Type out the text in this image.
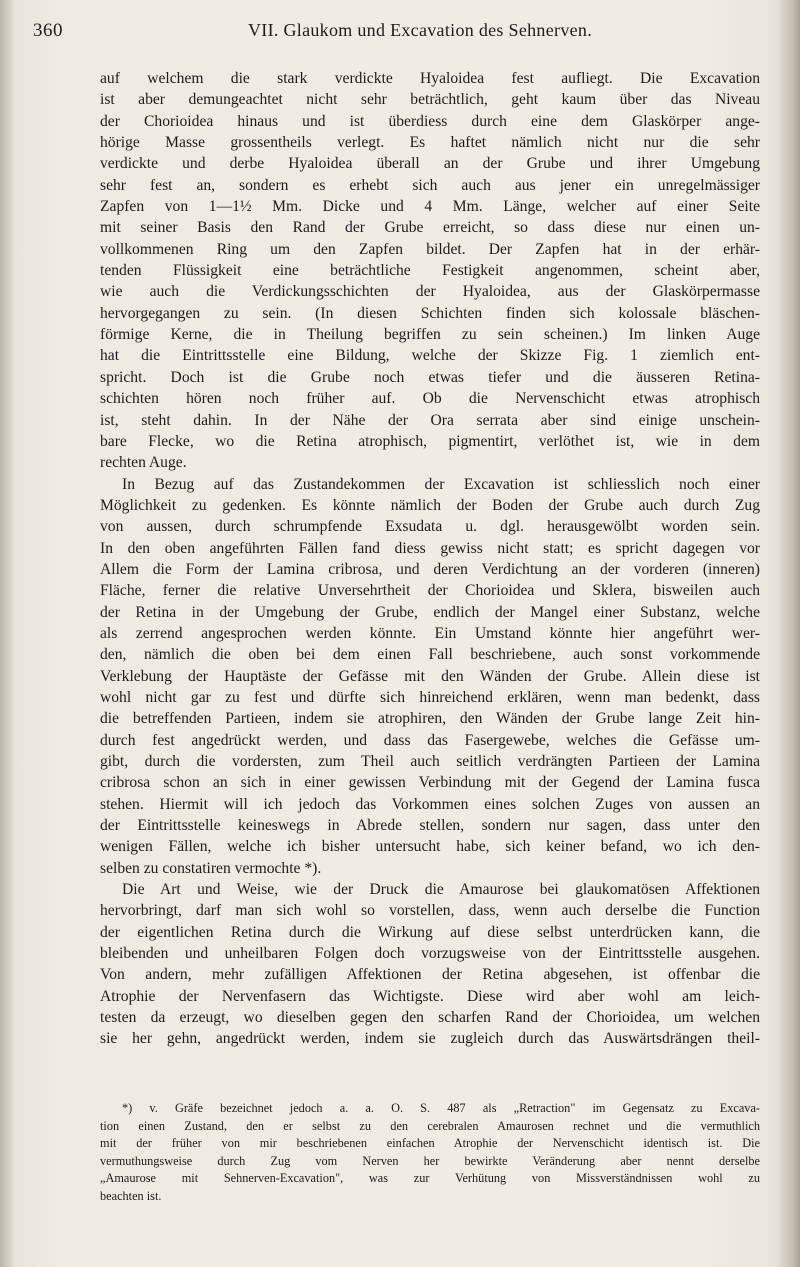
360	VII. Glaukom und Excavation des Sehnerven.
auf welchem die stark verdickte Hyaloidea fest aufliegt. Die Excavation
ist aber demungeachtet nicht sehr beträchtlich, geht kaum über das Niveau
der Chorioidea hinaus und ist überdiess durch eine dem Glaskörper ange-
hörige Masse grossentheils verlegt. Es haftet nämlich nicht nur die sehr
verdickte und derbe Hyaloidea überall an der Grube und ihrer Umgebung
sehr fest an, sondern es erhebt sich auch aus jener ein unregelmässiger
Zapfen von 1—1½ Mm. Dicke und 4 Mm. Länge, welcher auf einer Seite
mit seiner Basis den Rand der Grube erreicht, so dass diese nur einen un-
vollkommenen Ring um den Zapfen bildet. Der Zapfen hat in der erhär-
tenden Flüssigkeit eine beträchtliche Festigkeit angenommen, scheint aber,
wie auch die Verdickungsschichten der Hyaloidea, aus der Glaskörpermasse
hervorgegangen zu sein. (In diesen Schichten finden sich kolossale bläschen-
förmige Kerne, die in Theilung begriffen zu sein scheinen.) Im linken Auge
hat die Eintrittsstelle eine Bildung, welche der Skizze Fig. 1 ziemlich ent-
spricht. Doch ist die Grube noch etwas tiefer und die äusseren Retina-
schichten hören noch früher auf. Ob die Nervenschicht etwas atrophisch
ist, steht dahin. In der Nähe der Ora serrata aber sind einige unschein-
bare Flecke, wo die Retina atrophisch, pigmentirt, verlöthet ist, wie in dem
rechten Auge.
In Bezug auf das Zustandekommen der Excavation ist schliesslich noch einer
Möglichkeit zu gedenken. Es könnte nämlich der Boden der Grube auch durch Zug
von aussen, durch schrumpfende Exsudata u. dgl. herausgewölbt worden sein.
In den oben angeführten Fällen fand diess gewiss nicht statt; es spricht dagegen vor
Allem die Form der Lamina cribrosa, und deren Verdichtung an der vorderen (inneren)
Fläche, ferner die relative Unversehrtheit der Chorioidea und Sklera, bisweilen auch
der Retina in der Umgebung der Grube, endlich der Mangel einer Substanz, welche
als zerrend angesprochen werden könnte. Ein Umstand könnte hier angeführt wer-
den, nämlich die oben bei dem einen Fall beschriebene, auch sonst vorkommende
Verklebung der Hauptäste der Gefässe mit den Wänden der Grube. Allein diese ist
wohl nicht gar zu fest und dürfte sich hinreichend erklären, wenn man bedenkt, dass
die betreffenden Partieen, indem sie atrophiren, den Wänden der Grube lange Zeit hin-
durch fest angedrückt werden, und dass das Fasergewebe, welches die Gefässe um-
gibt, durch die vordersten, zum Theil auch seitlich verdrängten Partieen der Lamina
cribrosa schon an sich in einer gewissen Verbindung mit der Gegend der Lamina fusca
stehen. Hiermit will ich jedoch das Vorkommen eines solchen Zuges von aussen an
der Eintrittsstelle keineswegs in Abrede stellen, sondern nur sagen, dass unter den
wenigen Fällen, welche ich bisher untersucht habe, sich keiner befand, wo ich den-
selben zu constatiren vermochte *).
Die Art und Weise, wie der Druck die Amaurose bei glaukomatösen Affektionen
hervorbringt, darf man sich wohl so vorstellen, dass, wenn auch derselbe die Function
der eigentlichen Retina durch die Wirkung auf diese selbst unterdrücken kann, die
bleibenden und unheilbaren Folgen doch vorzugsweise von der Eintrittsstelle ausgehen.
Von andern, mehr zufälligen Affektionen der Retina abgesehen, ist offenbar die
Atrophie der Nervenfasern das Wichtigste. Diese wird aber wohl am leich-
testen da erzeugt, wo dieselben gegen den scharfen Rand der Chorioidea, um welchen
sie her gehn, angedrückt werden, indem sie zugleich durch das Auswärtsdrängen theil-
*) v. Gräfe bezeichnet jedoch a. a. O. S. 487 als „Retraction" im Gegensatz zu Excava-
tion einen Zustand, den er selbst zu den cerebralen Amaurosen rechnet und die vermuthlich
mit der früher von mir beschriebenen einfachen Atrophie der Nervenschicht identisch ist. Die
vermuthungsweise durch Zug vom Nerven her bewirkte Veränderung aber nennt derselbe
„Amaurose mit Sehnerven-Excavation", was zur Verhütung von Missverständnissen wohl zu
beachten ist.
